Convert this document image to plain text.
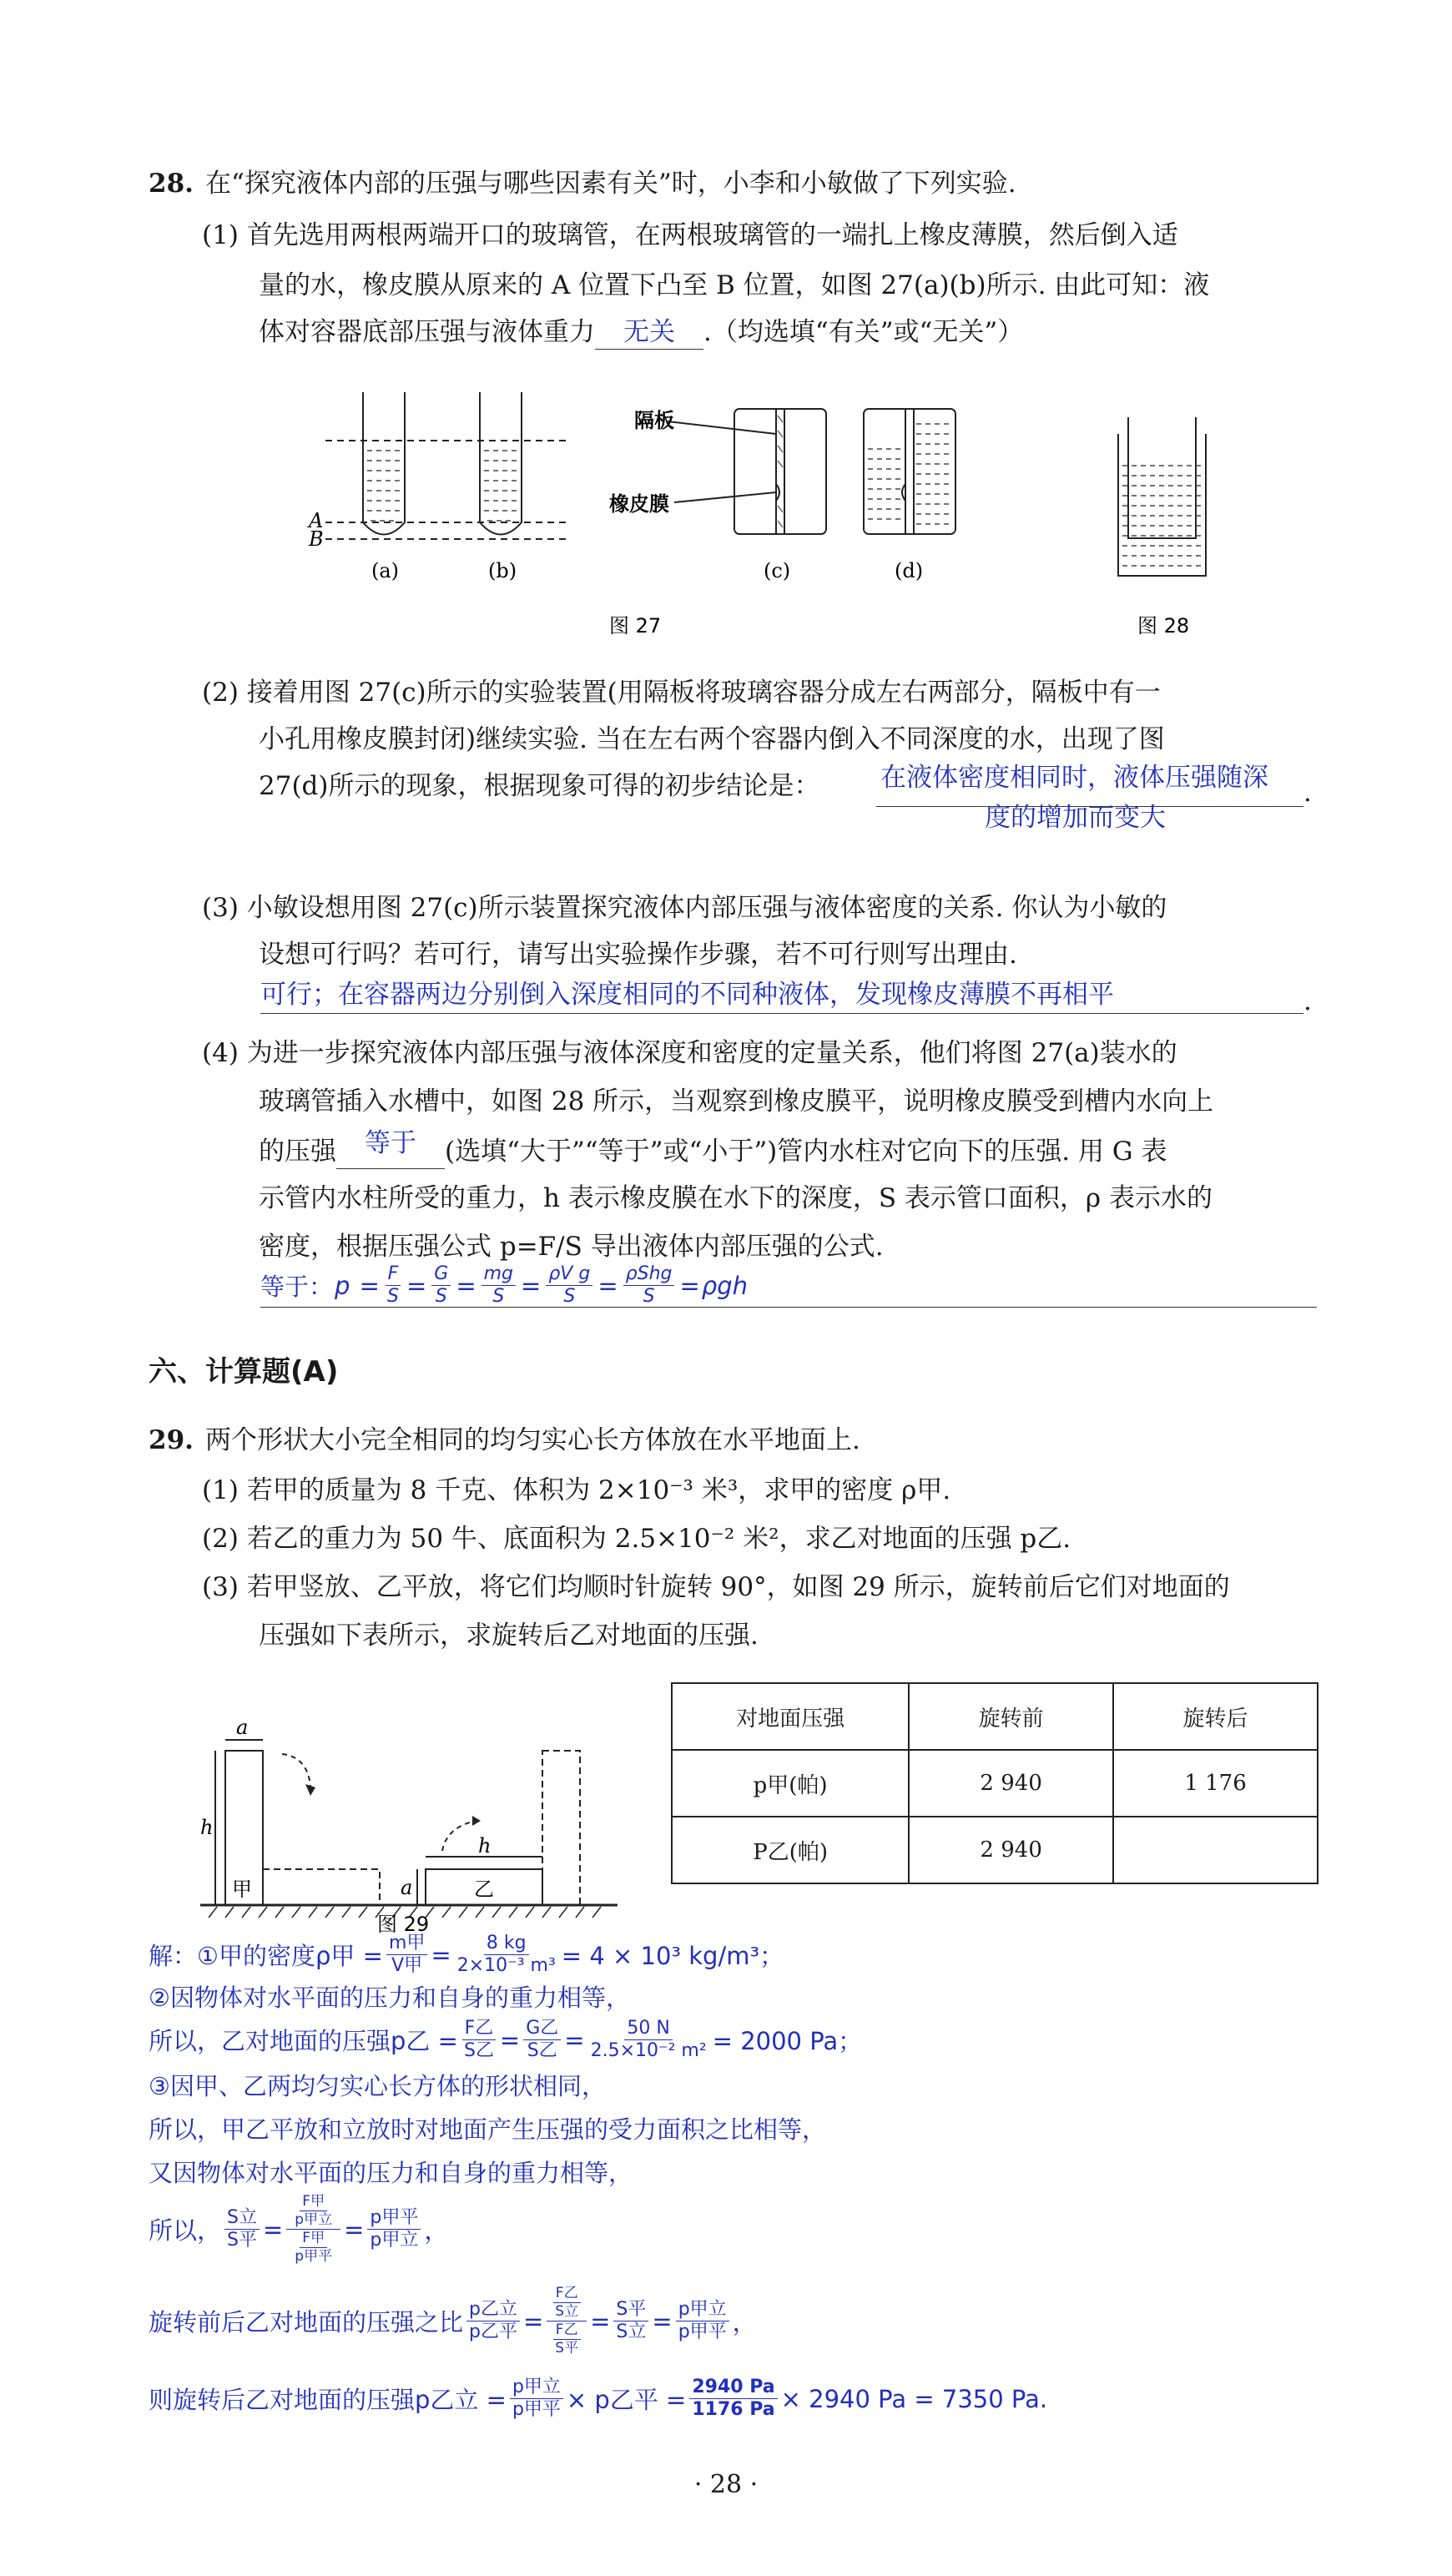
28. 在“探究液体内部的压强与哪些因素有关”时，小李和小敏做了下列实验.
(1) 首先选用两根两端开口的玻璃管，在两根玻璃管的一端扎上橡皮薄膜，然后倒入适
量的水，橡皮膜从原来的 A 位置下凸至 B 位置，如图 27(a)(b)所示. 由此可知：液
体对容器底部压强与液体重力 无关 .（均选填“有关”或“无关”）
A
B
(a)	(b)
隔板
橡皮膜
(c)	(d)
图 27	图 28
(2) 接着用图 27(c)所示的实验装置(用隔板将玻璃容器分成左右两部分，隔板中有一
小孔用橡皮膜封闭)继续实验. 当在左右两个容器内倒入不同深度的水，出现了图
27(d)所示的现象，根据现象可得的初步结论是： 在液体密度相同时，液体压强随深 .
度的增加而变大
(3) 小敏设想用图 27(c)所示装置探究液体内部压强与液体密度的关系. 你认为小敏的
设想可行吗？若可行，请写出实验操作步骤，若不可行则写出理由.
可行；在容器两边分别倒入深度相同的不同种液体，发现橡皮薄膜不再相平	.
(4) 为进一步探究液体内部压强与液体深度和密度的定量关系，他们将图 27(a)装水的
玻璃管插入水槽中，如图 28 所示，当观察到橡皮膜平，说明橡皮膜受到槽内水向上
的压强 等于 (选填“大于”“等于”或“小于”)管内水柱对它向下的压强. 用 G 表
示管内水柱所受的重力，h 表示橡皮膜在水下的深度，S 表示管口面积，ρ 表示水的
密度，根据压强公式 p=F/S 导出液体内部压强的公式.
等于： $p = \frac{F}{S} = \frac{G}{S} = \frac{mg}{S} = \frac{\text{ρV g}}{S} = \frac{\text{ρShg}}{S} = \rho gh$
六、计算题(A)
29. 两个形状大小完全相同的均匀实心长方体放在水平地面上.
(1) 若甲的质量为 8 千克、体积为 2×10⁻³ 米³，求甲的密度 ρ甲.
(2) 若乙的重力为 50 牛、底面积为 2.5×10⁻² 米²，求乙对地面的压强 p乙.
(3) 若甲竖放、乙平放，将它们均顺时针旋转 90°，如图 29 所示，旋转前后它们对地面的
压强如下表所示，求旋转后乙对地面的压强.
a
h
甲	a
h
乙
图 29
对地面压强	旋转前	旋转后
p甲(帕)	2 940	1 176
P乙(帕)	2 940	
解：①甲的密度ρ甲 = $\frac{\text{m甲}}{\text{V甲}} = \frac{8 kg}{\text{2×10⁻³ m³}} = 4 \times 10^3$ kg/m³；
②因物体对水平面的压力和自身的重力相等，
所以，乙对地面的压强p乙 = $\frac{\text{F乙}}{\text{S乙}} = \frac{\text{G乙}}{\text{S乙}} = \frac{50 N}{\text{2.5×10⁻² m²}} = 2000$ Pa；
③因甲、乙两均匀实心长方体的形状相同，
所以，甲乙平放和立放时对地面产生压强的受力面积之比相等，
又因物体对水平面的压力和自身的重力相等，
所以， $\frac{\text{S立}}{\text{S平}} = \frac{\frac{\text{F甲}}{\text{p甲立}}}{\frac{\text{F甲}}{\text{p甲平}}} = \frac{\text{p甲平}}{\text{p甲立}}$ ，
旋转前后乙对地面的压强之比 $\frac{\text{p乙立}}{\text{p乙平}} = \frac{\frac{\text{F乙}}{\text{S立}}}{\frac{\text{F乙}}{\text{S平}}} = \frac{\text{S平}}{\text{S立}} = \frac{\text{p甲立}}{\text{p甲平}}$ ，
则旋转后乙对地面的压强p乙立 = $\frac{\text{p甲立}}{\text{p甲平}} \times p$乙平 = $\frac{2940 Pa}{1176 Pa} \times 2940$ Pa = 7350 Pa.
· 28 ·
